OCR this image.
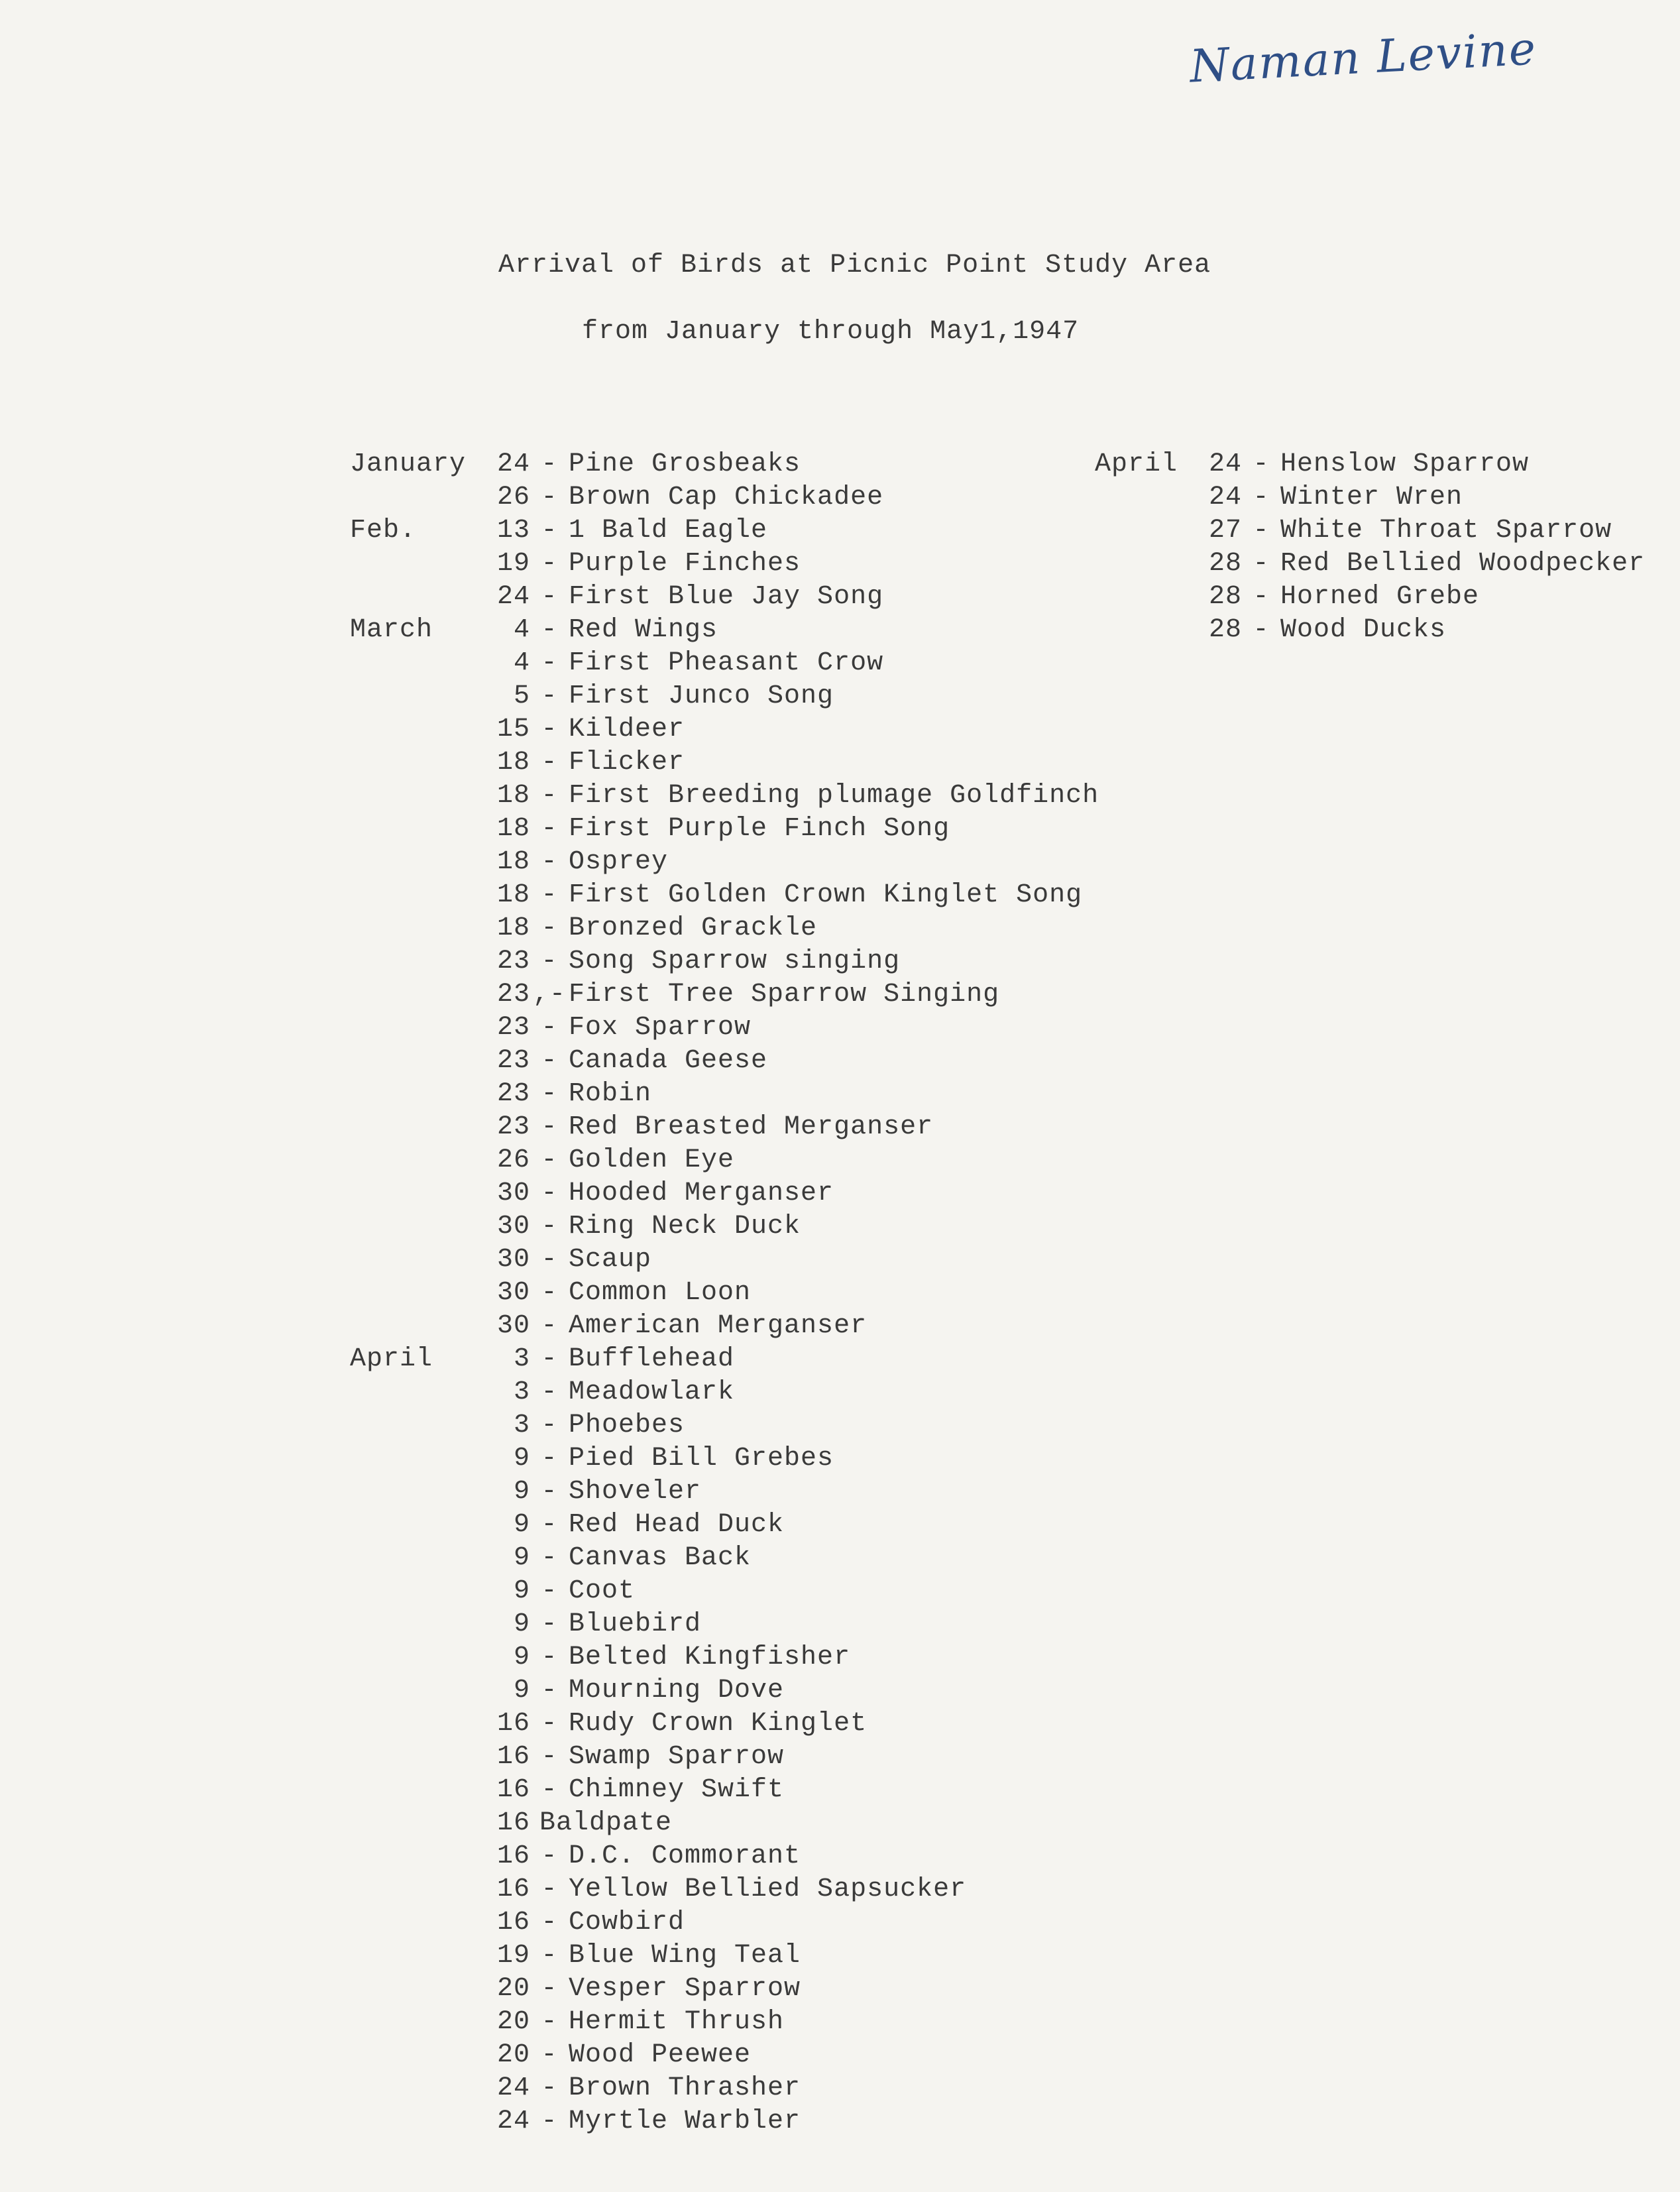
Naman Levine
Arrival of Birds at Picnic Point Study Area
from January through May1,1947
January	24 - Pine Grosbeaks
26 - Brown Cap Chickadee
Feb.	13 - 1 Bald Eagle
19 - Purple Finches
24 - First Blue Jay Song
March	4 - Red Wings
4 - First Pheasant Crow
5 - First Junco Song
15 - Kildeer
18 - Flicker
18 - First Breeding plumage Goldfinch
18 - First Purple Finch Song
18 - Osprey
18 - First Golden Crown Kinglet Song
18 - Bronzed Grackle
23 - Song Sparrow singing
23 ,- First Tree Sparrow Singing
23 - Fox Sparrow
23 - Canada Geese
23 - Robin
23 - Red Breasted Merganser
26 - Golden Eye
30 - Hooded Merganser
30 - Ring Neck Duck
30 - Scaup
30 - Common Loon
30 - American Merganser
April	3 - Bufflehead
3 - Meadowlark
3 - Phoebes
9 - Pied Bill Grebes
9 - Shoveler
9 - Red Head Duck
9 - Canvas Back
9 - Coot
9 - Bluebird
9 - Belted Kingfisher
9 - Mourning Dove
16 - Rudy Crown Kinglet
16 - Swamp Sparrow
16 - Chimney Swift
16 Baldpate
16 - D.C. Commorant
16 - Yellow Bellied Sapsucker
16 - Cowbird
19 - Blue Wing Teal
20 - Vesper Sparrow
20 - Hermit Thrush
20 - Wood Peewee
24 - Brown Thrasher
24 - Myrtle Warbler
April	24 - Henslow Sparrow
24 - Winter Wren
27 - White Throat Sparrow
28 - Red Bellied Woodpecker
28 - Horned Grebe
28 - Wood Ducks
